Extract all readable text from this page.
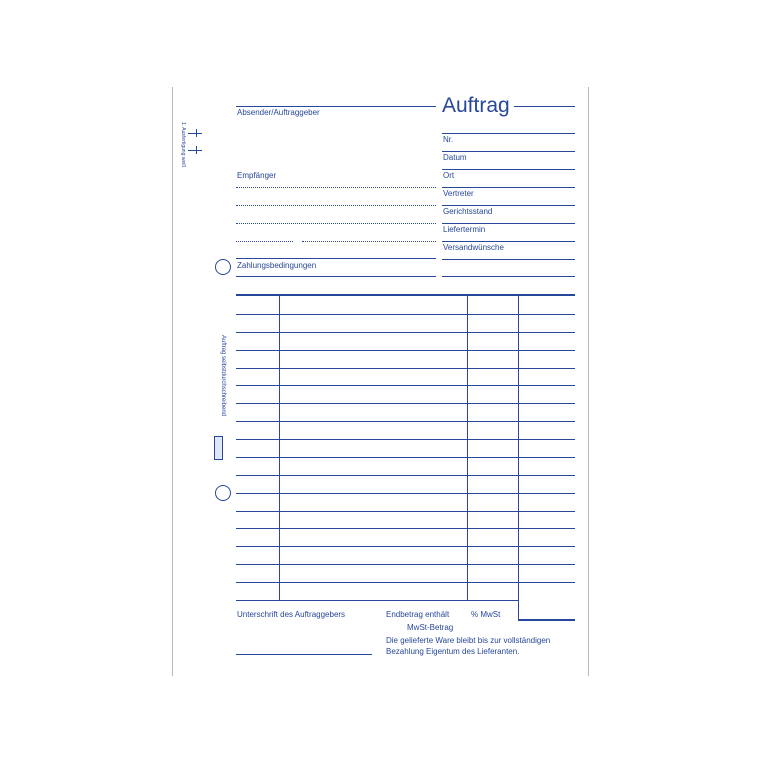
Auftrag
Absender/Auftraggeber
Empfänger
Zahlungsbedingungen
Nr.
Datum
Ort
Vertreter
Gerichtsstand
Liefertermin
Versandwünsche
1. Ausfertigung weiß
Auftrag selbstdurchschreibend
Unterschrift des Auftraggebers	Endbetrag enthält	% MwSt
MwSt-Betrag
Die gelieferte Ware bleibt bis zur vollständigen
Bezahlung Eigentum des Lieferanten.
